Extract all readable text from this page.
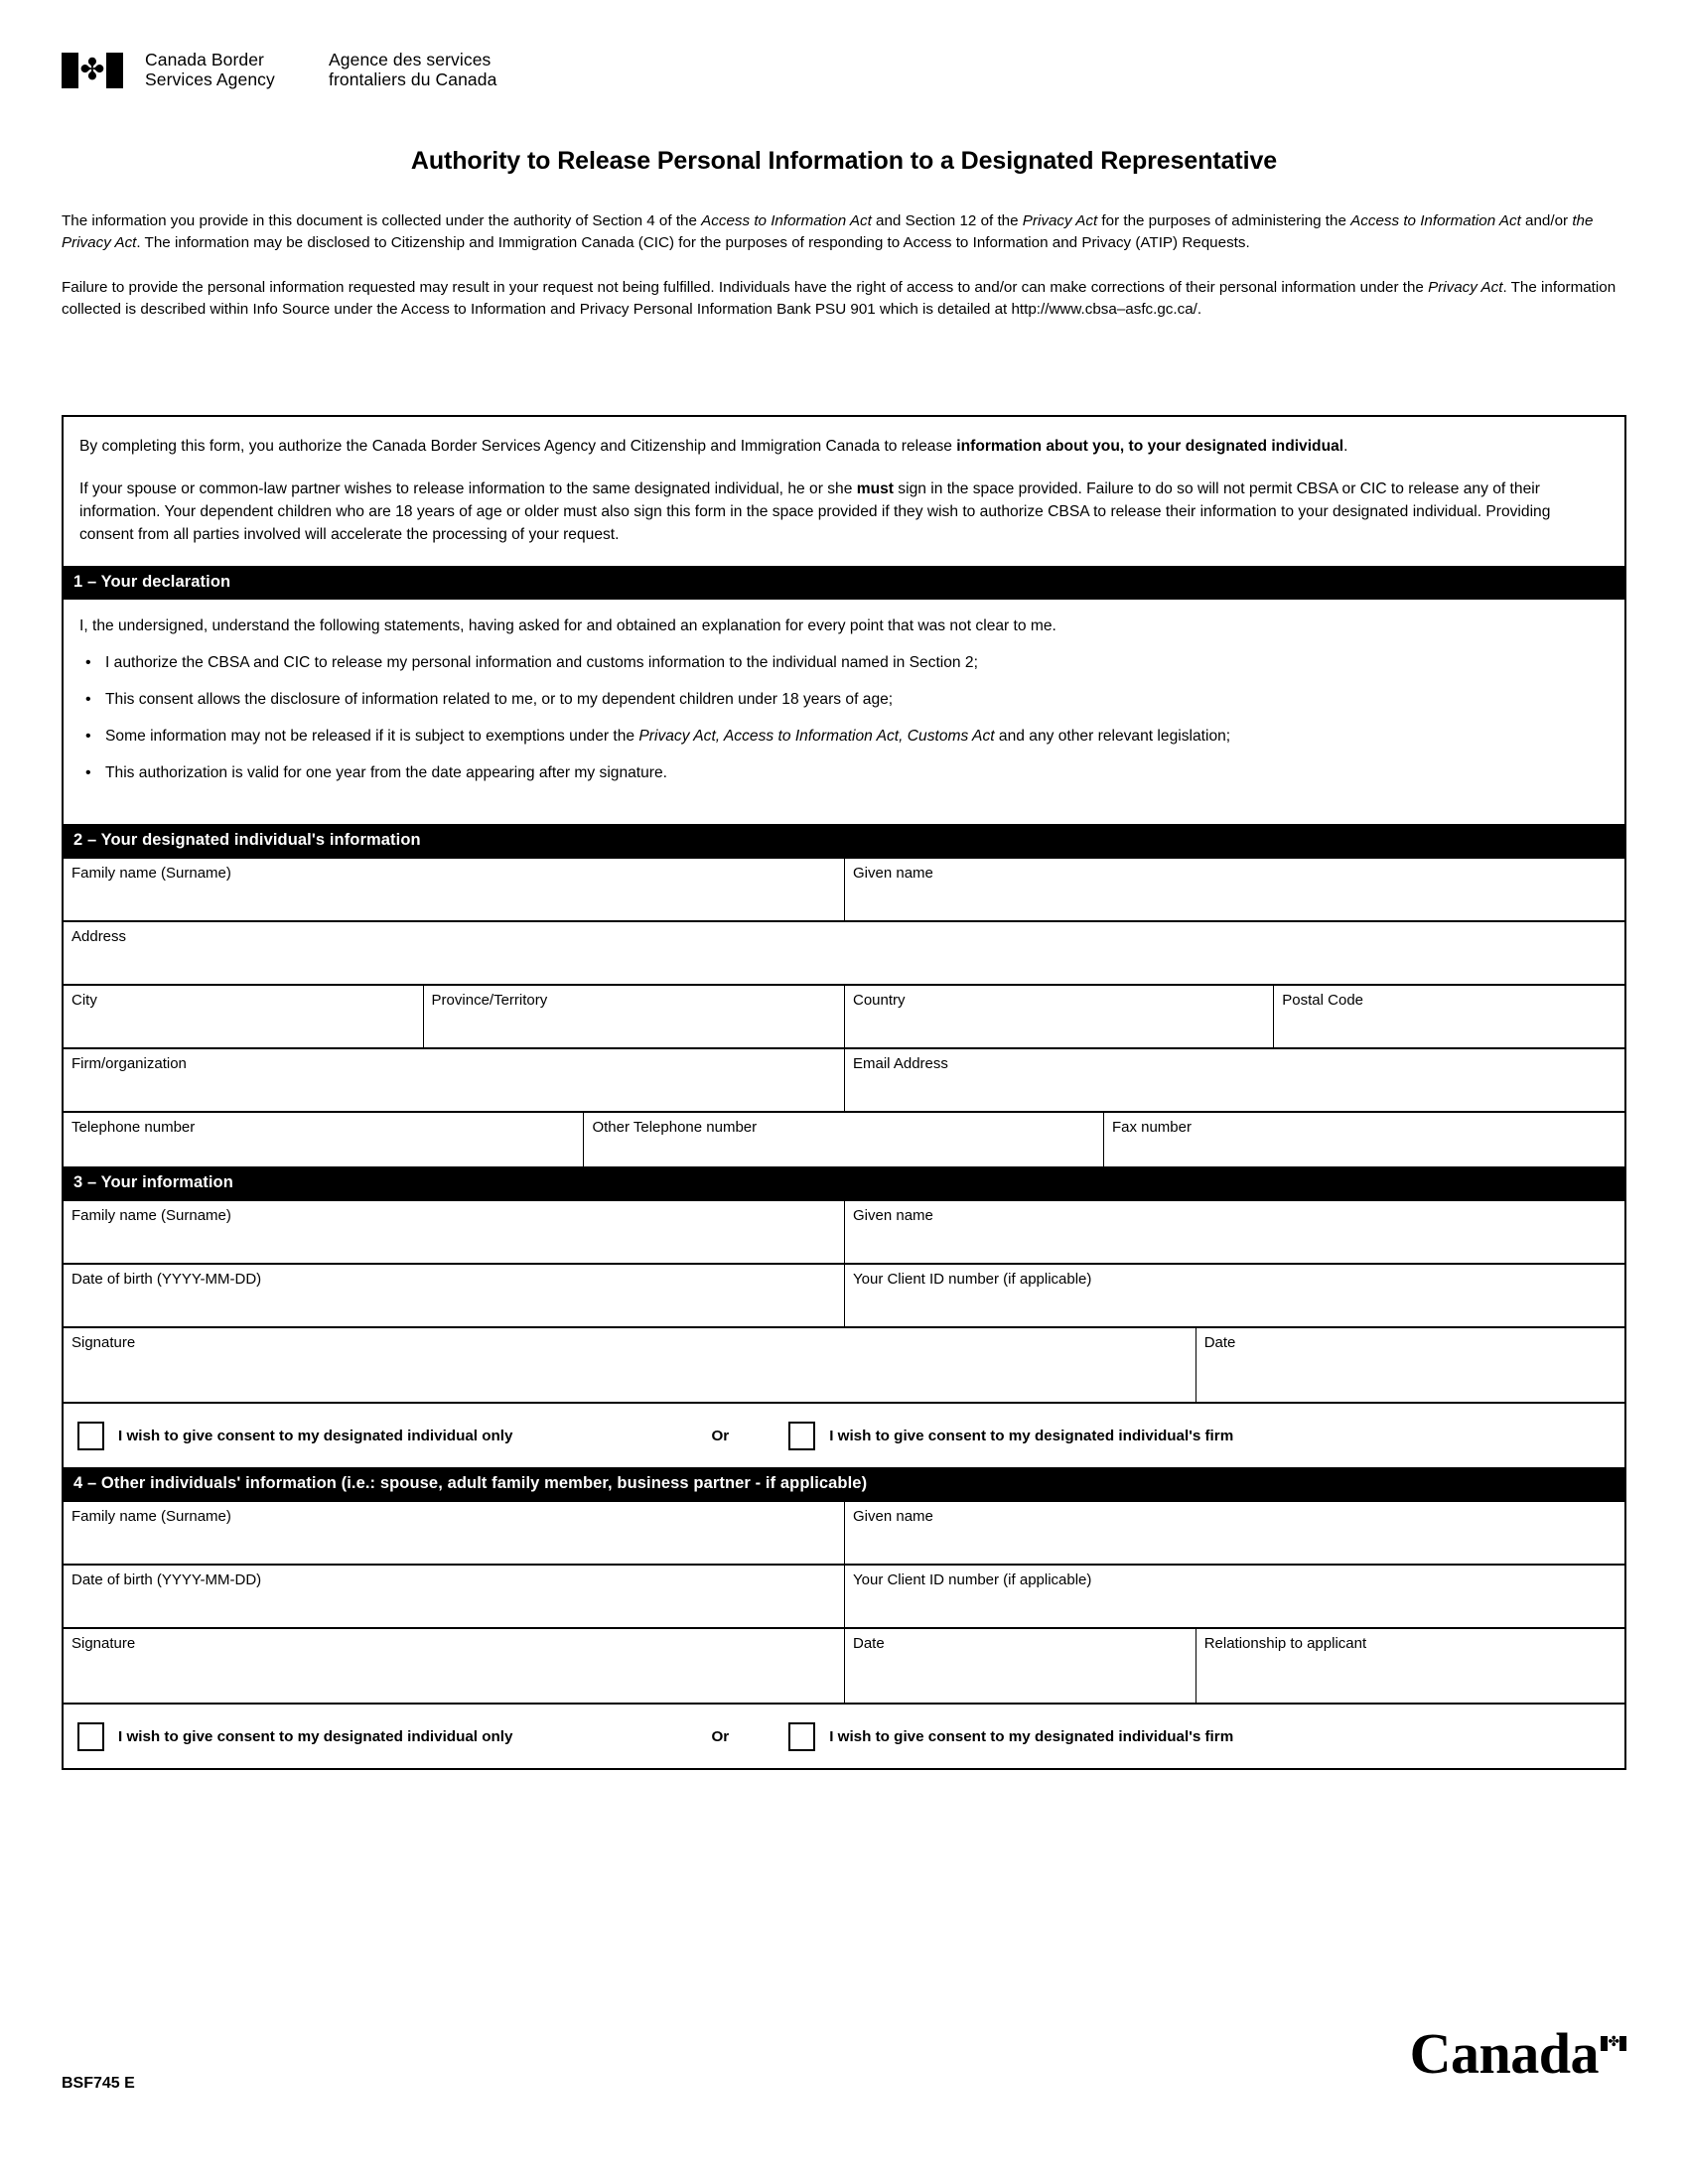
✤ Canada Border
Services Agency
Agence des services
frontaliers du Canada
Authority to Release Personal Information to a Designated Representative

The information you provide in this document is collected under the authority of Section 4 of the Access to Information Act and Section 12 of the Privacy Act for the purposes of administering the Access to Information Act and/or the Privacy Act. The information may be disclosed to Citizenship and Immigration Canada (CIC) for the purposes of responding to Access to Information and Privacy (ATIP) Requests.

Failure to provide the personal information requested may result in your request not being fulfilled. Individuals have the right of access to and/or can make corrections of their personal information under the Privacy Act. The information collected is described within Info Source under the Access to Information and Privacy Personal Information Bank PSU 901 which is detailed at http://www.cbsa–asfc.gc.ca/.

By completing this form, you authorize the Canada Border Services Agency and Citizenship and Immigration Canada to release information about you, to your designated individual.

If your spouse or common-law partner wishes to release information to the same designated individual, he or she must sign in the space provided. Failure to do so will not permit CBSA or CIC to release any of their information. Your dependent children who are 18 years of age or older must also sign this form in the space provided if they wish to authorize CBSA to release their information to your designated individual. Providing consent from all parties involved will accelerate the processing of your request.

1 – Your declaration

I, the undersigned, understand the following statements, having asked for and obtained an explanation for every point that was not clear to me.

• I authorize the CBSA and CIC to release my personal information and customs information to the individual named in Section 2;
• This consent allows the disclosure of information related to me, or to my dependent children under 18 years of age;
• Some information may not be released if it is subject to exemptions under the Privacy Act, Access to Information Act, Customs Act and any other relevant legislation;
• This authorization is valid for one year from the date appearing after my signature.
2 – Your designated individual's information
Family name (Surname)	Given name
Address
City	Province/Territory	Country	Postal Code
Firm/organization	Email Address
Telephone number	Other Telephone number	Fax number
3 – Your information
Family name (Surname)	Given name
Date of birth (YYYY-MM-DD)	Your Client ID number (if applicable)
Signature	Date
I wish to give consent to my designated individual only	Or	I wish to give consent to my designated individual's firm
4 – Other individuals' information (i.e.: spouse, adult family member, business partner - if applicable)
Family name (Surname)	Given name
Date of birth (YYYY-MM-DD)	Your Client ID number (if applicable)
Signature	Date	Relationship to applicant
I wish to give consent to my designated individual only	Or	I wish to give consent to my designated individual's firm
BSF745 E	Canada ✤
